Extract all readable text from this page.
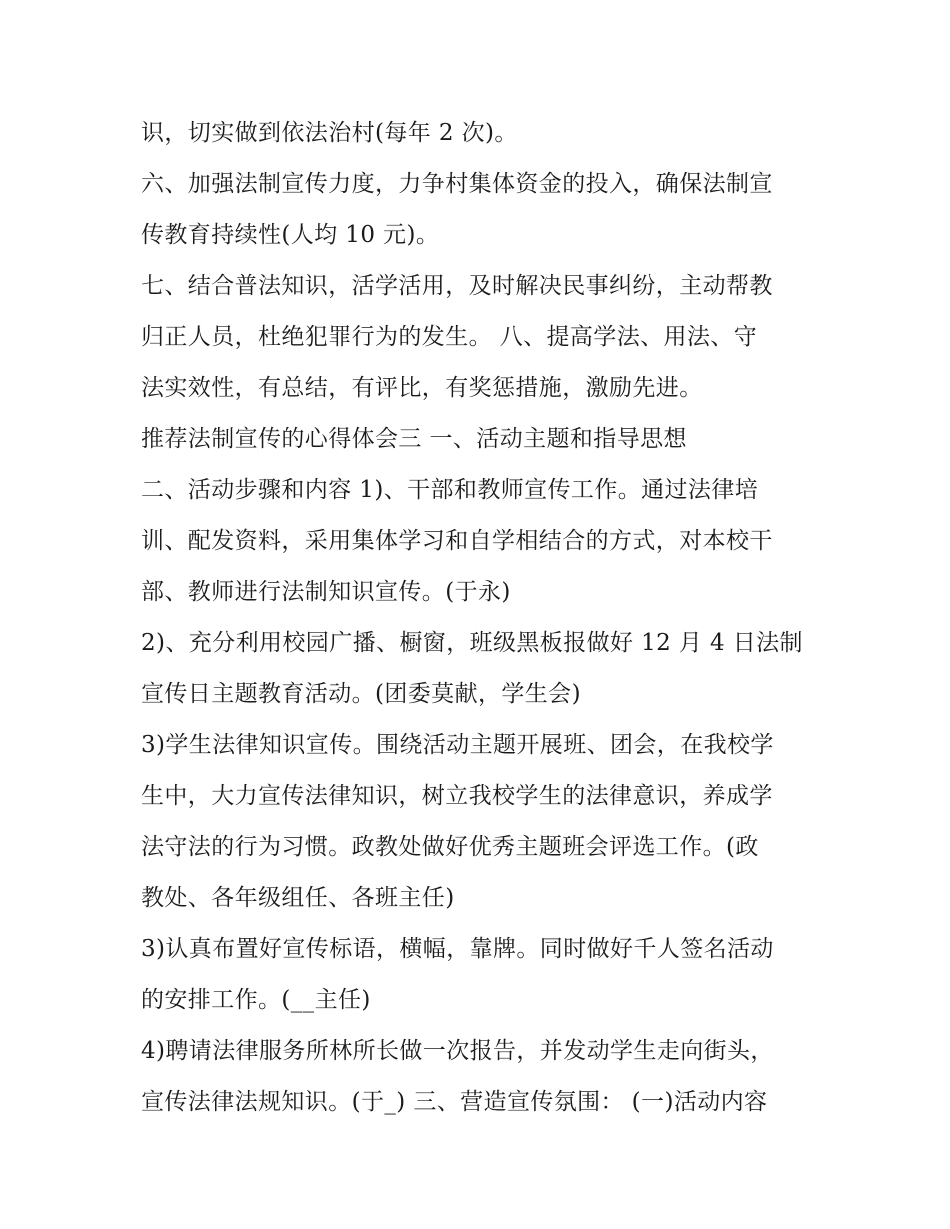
识，切实做到依法治村(每年 2 次)。
六、加强法制宣传力度，力争村集体资金的投入，确保法制宣
传教育持续性(人均 10 元)。
七、结合普法知识，活学活用，及时解决民事纠纷，主动帮教
归正人员，杜绝犯罪行为的发生。 八、提高学法、用法、守
法实效性，有总结，有评比，有奖惩措施，激励先进。
推荐法制宣传的心得体会三 一、活动主题和指导思想
二、活动步骤和内容 1)、干部和教师宣传工作。通过法律培
训、配发资料，采用集体学习和自学相结合的方式，对本校干
部、教师进行法制知识宣传。(于永)
2)、充分利用校园广播、橱窗，班级黑板报做好 12 月 4 日法制
宣传日主题教育活动。(团委莫献，学生会)
3)学生法律知识宣传。围绕活动主题开展班、团会，在我校学
生中，大力宣传法律知识，树立我校学生的法律意识，养成学
法守法的行为习惯。政教处做好优秀主题班会评选工作。(政
教处、各年级组任、各班主任)
3)认真布置好宣传标语，横幅，靠牌。同时做好千人签名活动
的安排工作。(__主任)
4)聘请法律服务所林所长做一次报告，并发动学生走向街头，
宣传法律法规知识。(于_) 三、营造宣传氛围： (一)活动内容
